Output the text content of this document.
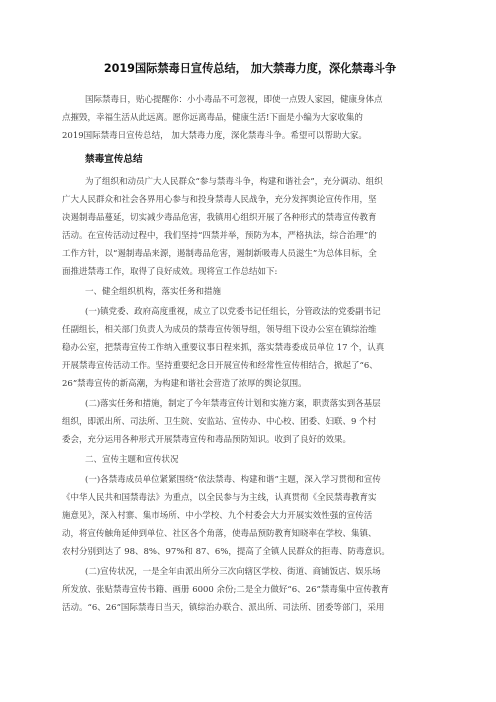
2019国际禁毒日宣传总结， 加大禁毒力度，深化禁毒斗争
国际禁毒日，贴心提醒你：小小毒品不可忽视，即使一点毁人家园，健康身体点
点摧毁，幸福生活从此远离。愿你远离毒品，健康生活!下面是小编为大家收集的
2019国际禁毒日宣传总结， 加大禁毒力度，深化禁毒斗争。希望可以帮助大家。
禁毒宣传总结
为了组织和动员广大人民群众“参与禁毒斗争，构建和谐社会”，充分调动、组织
广大人民群众和社会各界用心参与和投身禁毒人民战争，充分发挥舆论宣传作用，坚
决遏制毒品蔓延，切实减少毒品危害，我镇用心组织开展了各种形式的禁毒宣传教育
活动。在宣传活动过程中，我们坚持“四禁并举，预防为本，严格执法，综合治理”的
工作方针，以“遏制毒品来源，遏制毒品危害，遏制新吸毒人员滋生”为总体目标，全
面推进禁毒工作，取得了良好成效。现将宣工作总结如下:
一、健全组织机构，落实任务和措施
(一)镇党委、政府高度重视，成立了以党委书记任组长，分管政法的党委副书记
任副组长，相关部门负责人为成员的禁毒宣传领导组，领导组下设办公室在镇综治维
稳办公室，把禁毒宣传工作纳入重要议事日程来抓，落实禁毒委成员单位 17 个，认真
开展禁毒宣传活动工作。坚持重要纪念日开展宣传和经常性宣传相结合，掀起了“6、
26”禁毒宣传的新高潮，为构建和谐社会营造了浓厚的舆论氛围。
(二)落实任务和措施，制定了今年禁毒宣传计划和实施方案，职责落实到各基层
组织，即派出所、司法所、卫生院、安监站、宣传办、中心校、团委、妇联、9 个村
委会，充分运用各种形式开展禁毒宣传和毒品预防知识。收到了良好的效果。
二、宣传主题和宣传状况
(一)各禁毒成员单位紧紧围绕“依法禁毒、构建和谐”主题，深入学习贯彻和宣传
《中华人民共和国禁毒法》为重点，以全民参与为主线，认真贯彻《全民禁毒教育实
施意见》，深入村寨、集市场所、中小学校、九个村委会大力开展实效性强的宣传活
动，将宣传触角延伸到单位、社区各个角落，使毒品预防教育知晓率在学校、集镇、
农村分别到达了 98、8%、97%和 87、6%，提高了全镇人民群众的拒毒、防毒意识。
(二)宣传状况，一是全年由派出所分三次向辖区学校、街道、商铺饭店、娱乐场
所发放、张贴禁毒宣传书籍、画册 6000 余份;二是全力做好“6、26”禁毒集中宣传教育
活动。“6、26”国际禁毒日当天，镇综治办联合、派出所、司法所、团委等部门，采用
